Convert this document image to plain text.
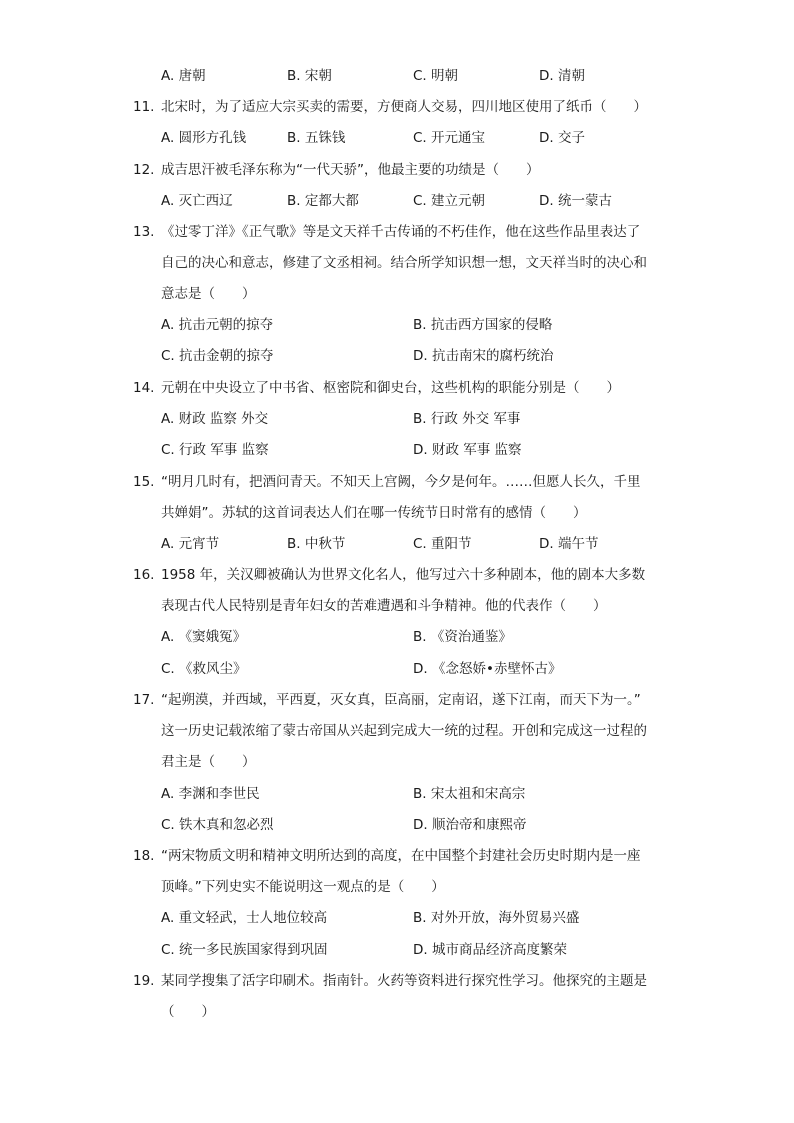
A. 唐朝	B. 宋朝	C. 明朝	D. 清朝
11. 北宋时，为了适应大宗买卖的需要，方便商人交易，四川地区使用了纸币（　　）
A. 圆形方孔钱	B. 五铢钱	C. 开元通宝	D. 交子
12. 成吉思汗被毛泽东称为“一代天骄”，他最主要的功绩是（　　）
A. 灭亡西辽	B. 定都大都	C. 建立元朝	D. 统一蒙古
13. 《过零丁洋》《正气歌》等是文天祥千古传诵的不朽佳作，他在这些作品里表达了
自己的决心和意志，修建了文丞相祠。结合所学知识想一想，文天祥当时的决心和
意志是（　　）
A. 抗击元朝的掠夺	B. 抗击西方国家的侵略
C. 抗击金朝的掠夺	D. 抗击南宋的腐朽统治
14. 元朝在中央设立了中书省、枢密院和御史台，这些机构的职能分别是（　　）
A. 财政 监察 外交	B. 行政 外交 军事
C. 行政 军事 监察	D. 财政 军事 监察
15. “明月几时有，把酒问青天。不知天上宫阙，今夕是何年。……但愿人长久，千里
共婵娟”。苏轼的这首词表达人们在哪一传统节日时常有的感情（　　）
A. 元宵节	B. 中秋节	C. 重阳节	D. 端午节
16. 1958 年，关汉卿被确认为世界文化名人，他写过六十多种剧本，他的剧本大多数
表现古代人民特别是青年妇女的苦难遭遇和斗争精神。他的代表作（　　）
A. 《窦娥冤》	B. 《资治通鉴》
C. 《救风尘》	D. 《念怒娇•赤壁怀古》
17. “起朔漠，并西域，平西夏，灭女真，臣高丽，定南诏，遂下江南，而天下为一。”
这一历史记载浓缩了蒙古帝国从兴起到完成大一统的过程。开创和完成这一过程的
君主是（　　）
A. 李渊和李世民	B. 宋太祖和宋高宗
C. 铁木真和忽必烈	D. 顺治帝和康熙帝
18. “两宋物质文明和精神文明所达到的高度，在中国整个封建社会历史时期内是一座
顶峰。”下列史实不能说明这一观点的是（　　）
A. 重文轻武，士人地位较高	B. 对外开放，海外贸易兴盛
C. 统一多民族国家得到巩固	D. 城市商品经济高度繁荣
19. 某同学搜集了活字印刷术。指南针。火药等资料进行探究性学习。他探究的主题是
（　　）
